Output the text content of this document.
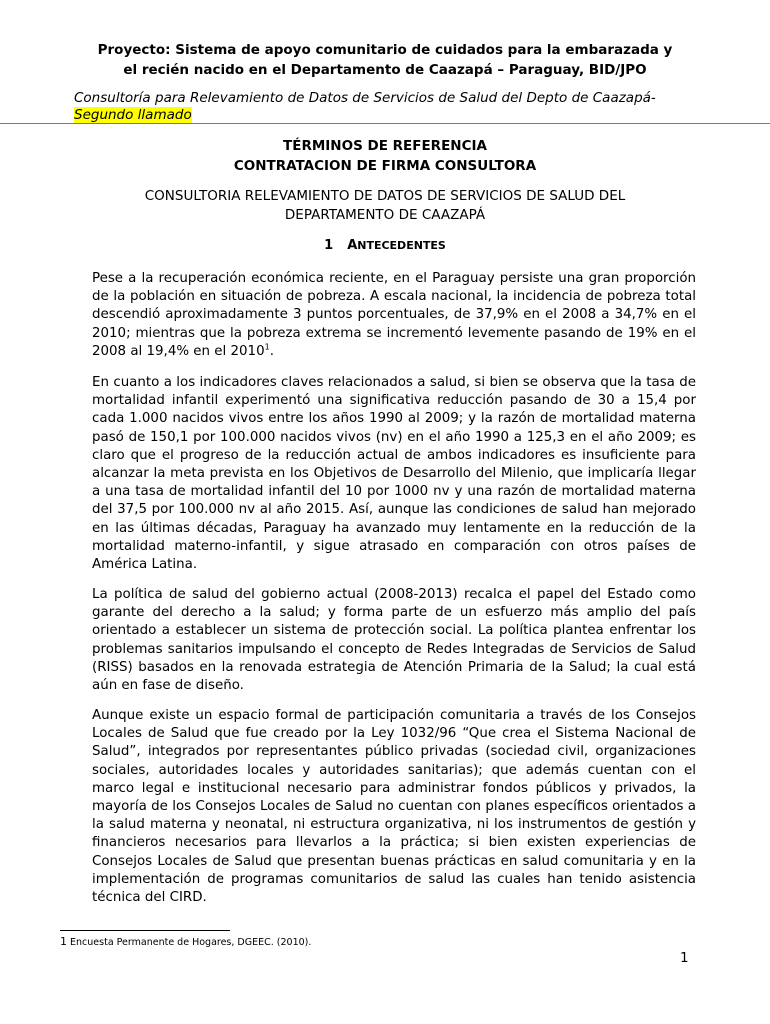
Proyecto: Sistema de apoyo comunitario de cuidados para la embarazada y
el recién nacido en el Departamento de Caazapá – Paraguay, BID/JPO
Consultoría para Relevamiento de Datos de Servicios de Salud del Depto de Caazapá-
Segundo llamado
TÉRMINOS DE REFERENCIA
CONTRATACION DE FIRMA CONSULTORA
CONSULTORIA RELEVAMIENTO DE DATOS DE SERVICIOS DE SALUD DEL
DEPARTAMENTO DE CAAZAPÁ
1 ANTECEDENTES

Pese a la recuperación económica reciente, en el Paraguay persiste una gran proporción de la población en situación de pobreza. A escala nacional, la incidencia de pobreza total descendió aproximadamente 3 puntos porcentuales, de 37,9% en el 2008 a 34,7% en el 2010; mientras que la pobreza extrema se incrementó levemente pasando de 19% en el 2008 al 19,4% en el 2010$^1$.

En cuanto a los indicadores claves relacionados a salud, si bien se observa que la tasa de mortalidad infantil experimentó una significativa reducción pasando de 30 a 15,4 por cada 1.000 nacidos vivos entre los años 1990 al 2009; y la razón de mortalidad materna pasó de 150,1 por 100.000 nacidos vivos (nv) en el año 1990 a 125,3 en el año 2009; es claro que el progreso de la reducción actual de ambos indicadores es insuficiente para alcanzar la meta prevista en los Objetivos de Desarrollo del Milenio, que implicaría llegar a una tasa de mortalidad infantil del 10 por 1000 nv y una razón de mortalidad materna del 37,5 por 100.000 nv al año 2015. Así, aunque las condiciones de salud han mejorado en las últimas décadas, Paraguay ha avanzado muy lentamente en la reducción de la mortalidad materno-infantil, y sigue atrasado en comparación con otros países de América Latina.

La política de salud del gobierno actual (2008-2013) recalca el papel del Estado como garante del derecho a la salud; y forma parte de un esfuerzo más amplio del país orientado a establecer un sistema de protección social. La política plantea enfrentar los problemas sanitarios impulsando el concepto de Redes Integradas de Servicios de Salud (RISS) basados en la renovada estrategia de Atención Primaria de la Salud; la cual está aún en fase de diseño.

Aunque existe un espacio formal de participación comunitaria a través de los Consejos Locales de Salud que fue creado por la Ley 1032/96 “Que crea el Sistema Nacional de Salud”, integrados por representantes público privadas (sociedad civil, organizaciones sociales, autoridades locales y autoridades sanitarias); que además cuentan con el marco legal e institucional necesario para administrar fondos públicos y privados, la mayoría de los Consejos Locales de Salud no cuentan con planes específicos orientados a la salud materna y neonatal, ni estructura organizativa, ni los instrumentos de gestión y financieros necesarios para llevarlos a la práctica; si bien existen experiencias de Consejos Locales de Salud que presentan buenas prácticas en salud comunitaria y en la implementación de programas comunitarios de salud las cuales han tenido asistencia técnica del CIRD.

1 Encuesta Permanente de Hogares, DGEEC. (2010).
1
